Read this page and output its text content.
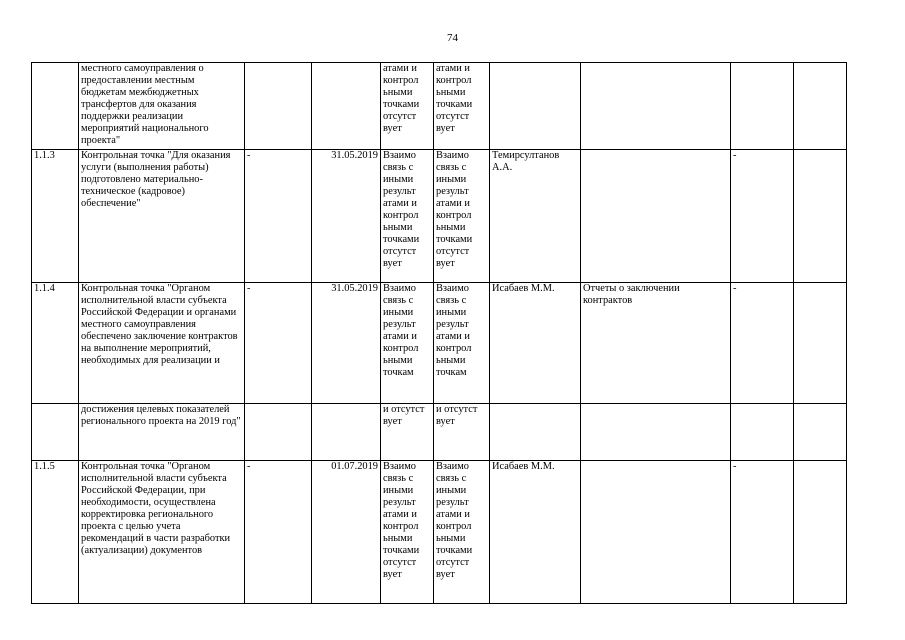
74
	местного самоуправления о предоставлении местным бюджетам межбюджетных трансфертов для оказания поддержки реализации мероприятий национального проекта"			атами и контрол ьными точками отсутст вует	атами и контрол ьными точками отсутст вует				
1.1.3	Контрольная точка "Для оказания услуги (выполнения работы) подготовлено материально-техническое (кадровое) обеспечение"	-	31.05.2019	Взаимо связь с иными результ атами и контрол ьными точками отсутст вует	Взаимо связь с иными результ атами и контрол ьными точками отсутст вует	Темирсултанов А.А.		-	
1.1.4	Контрольная точка "Органом исполнительной власти субъекта Российской Федерации и органами местного самоуправления обеспечено заключение контрактов на выполнение мероприятий, необходимых для реализации и	-	31.05.2019	Взаимо связь с иными результ атами и контрол ьными точкам	Взаимо связь с иными результ атами и контрол ьными точкам	Исабаев М.М.	Отчеты о заключении контрактов	-	
	достижения целевых показателей регионального проекта на 2019 год"			и отсутст вует	и отсутст вует				
1.1.5	Контрольная точка "Органом исполнительной власти субъекта Российской Федерации, при необходимости, осуществлена корректировка регионального проекта с целью учета рекомендаций в части разработки (актуализации) документов	-	01.07.2019	Взаимо связь с иными результ атами и контрол ьными точками отсутст вует	Взаимо связь с иными результ атами и контрол ьными точками отсутст вует	Исабаев М.М.		-	
